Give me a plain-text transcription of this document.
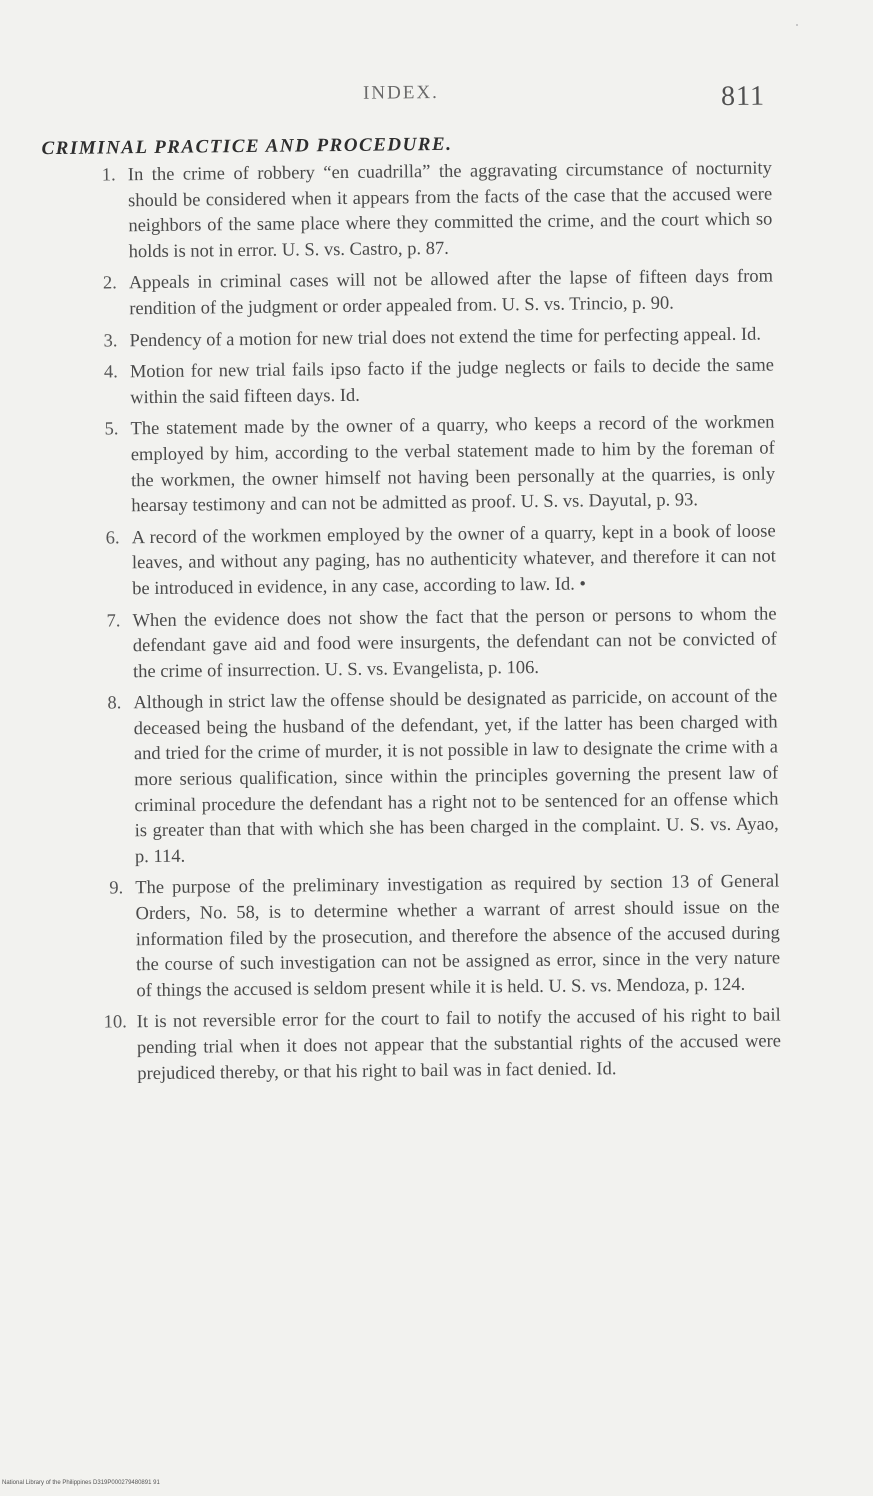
INDEX.	811
CRIMINAL PRACTICE AND PROCEDURE.
1. In the crime of robbery “en cuadrilla” the aggravating circumstance of nocturnity should be considered when it appears from the facts of the case that the accused were neighbors of the same place where they committed the crime, and the court which so holds is not in error. U. S. vs. Castro, p. 87.
2. Appeals in criminal cases will not be allowed after the lapse of fifteen days from rendition of the judgment or order appealed from. U. S. vs. Trincio, p. 90.
3. Pendency of a motion for new trial does not extend the time for perfecting appeal. Id.
4. Motion for new trial fails ipso facto if the judge neglects or fails to decide the same within the said fifteen days. Id.
5. The statement made by the owner of a quarry, who keeps a record of the workmen employed by him, according to the verbal statement made to him by the foreman of the workmen, the owner himself not having been personally at the quarries, is only hearsay testimony and can not be admitted as proof. U. S. vs. Dayutal, p. 93.
6. A record of the workmen employed by the owner of a quarry, kept in a book of loose leaves, and without any paging, has no authenticity whatever, and therefore it can not be introduced in evidence, in any case, according to law. Id. •
7. When the evidence does not show the fact that the person or persons to whom the defendant gave aid and food were insurgents, the defendant can not be convicted of the crime of insurrection. U. S. vs. Evangelista, p. 106.
8. Although in strict law the offense should be designated as parricide, on account of the deceased being the husband of the defendant, yet, if the latter has been charged with and tried for the crime of murder, it is not possible in law to designate the crime with a more serious qualification, since within the principles governing the present law of criminal procedure the defendant has a right not to be sentenced for an offense which is greater than that with which she has been charged in the complaint. U. S. vs. Ayao, p. 114.
9. The purpose of the preliminary investigation as required by section 13 of General Orders, No. 58, is to determine whether a warrant of arrest should issue on the information filed by the prosecution, and therefore the absence of the accused during the course of such investigation can not be assigned as error, since in the very nature of things the accused is seldom present while it is held. U. S. vs. Mendoza, p. 124.
10. It is not reversible error for the court to fail to notify the accused of his right to bail pending trial when it does not appear that the substantial rights of the accused were prejudiced thereby, or that his right to bail was in fact denied. Id.
National Library of the Philippines D319P000279480891 91
